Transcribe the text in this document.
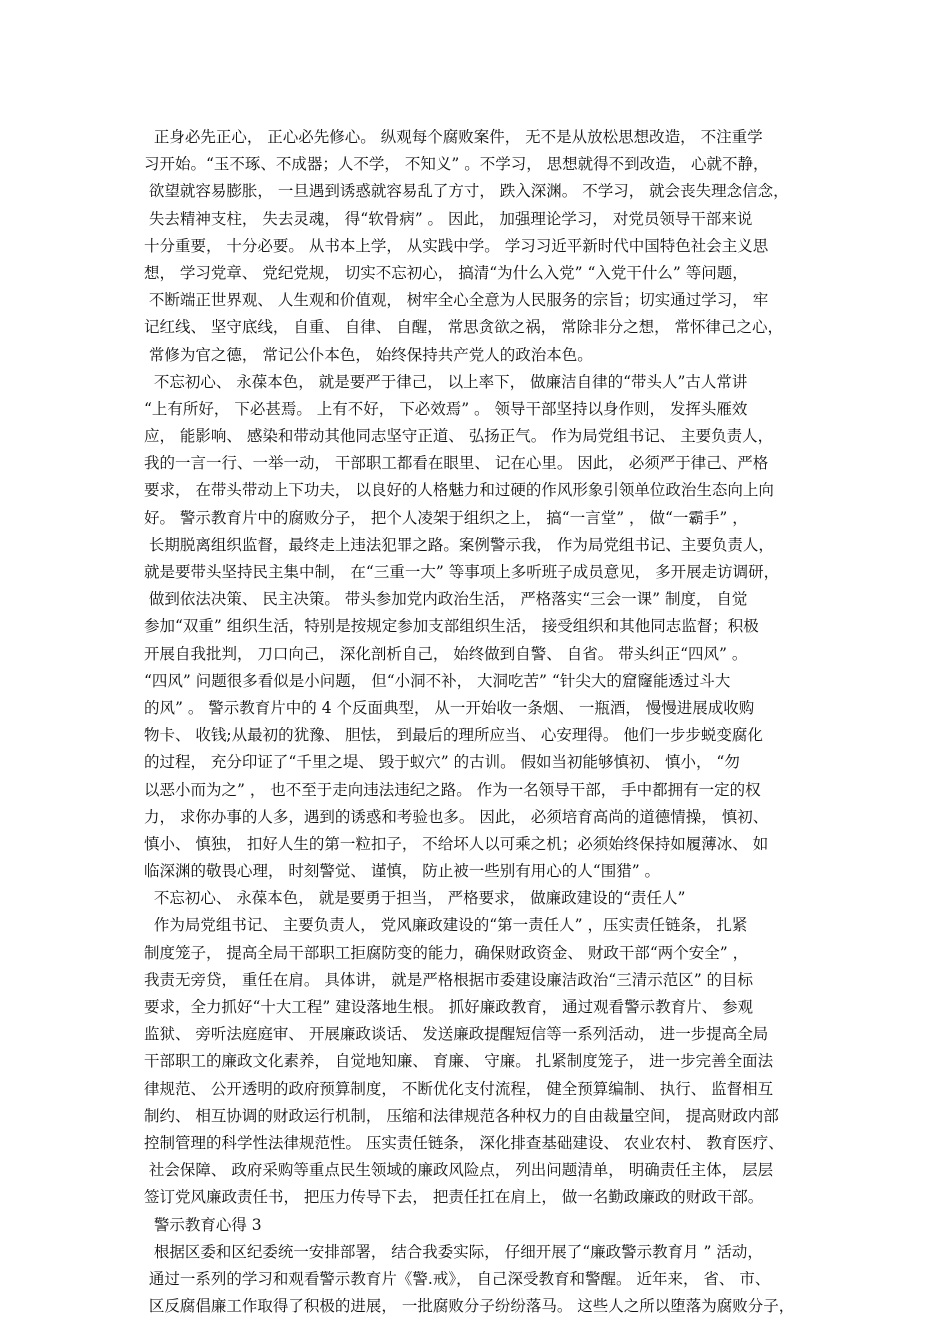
正身必先正心， 正心必先修心。 纵观每个腐败案件， 无不是从放松思想改造， 不注重学
习开始。“玉不琢、不成器；人不学， 不知义” 。不学习， 思想就得不到改造， 心就不静，
欲望就容易膨胀， 一旦遇到诱惑就容易乱了方寸， 跌入深渊。 不学习， 就会丧失理念信念，
失去精神支柱， 失去灵魂， 得“软骨病” 。 因此， 加强理论学习， 对党员领导干部来说
十分重要， 十分必要。 从书本上学， 从实践中学。 学习习近平新时代中国特色社会主义思
想， 学习党章、 党纪党规， 切实不忘初心， 搞清“为什么入党” “入党干什么” 等问题，
不断端正世界观、 人生观和价值观， 树牢全心全意为人民服务的宗旨；切实通过学习， 牢
记红线、 坚守底线， 自重、 自律、 自醒， 常思贪欲之祸， 常除非分之想， 常怀律己之心，
常修为官之德， 常记公仆本色， 始终保持共产党人的政治本色。
不忘初心、 永葆本色， 就是要严于律己， 以上率下， 做廉洁自律的“带头人”古人常讲
“上有所好， 下必甚焉。 上有不好， 下必效焉” 。 领导干部坚持以身作则， 发挥头雁效
应， 能影响、 感染和带动其他同志坚守正道、 弘扬正气。 作为局党组书记、 主要负责人，
我的一言一行、一举一动， 干部职工都看在眼里、 记在心里。 因此， 必须严于律己、严格
要求， 在带头带动上下功夫， 以良好的人格魅力和过硬的作风形象引领单位政治生态向上向
好。 警示教育片中的腐败分子， 把个人凌架于组织之上， 搞“一言堂” ， 做“一霸手” ，
长期脱离组织监督，最终走上违法犯罪之路。案例警示我， 作为局党组书记、主要负责人，
就是要带头坚持民主集中制， 在“三重一大” 等事项上多听班子成员意见， 多开展走访调研，
做到依法决策、 民主决策。 带头参加党内政治生活， 严格落实“三会一课” 制度， 自觉
参加“双重” 组织生活，特别是按规定参加支部组织生活， 接受组织和其他同志监督；积极
开展自我批判， 刀口向己， 深化剖析自己， 始终做到自警、 自省。 带头纠正“四风” 。
“四风” 问题很多看似是小问题， 但“小洞不补， 大洞吃苦” “针尖大的窟窿能透过斗大
的风” 。 警示教育片中的 4 个反面典型， 从一开始收一条烟、 一瓶酒， 慢慢进展成收购
物卡、 收钱;从最初的犹豫、 胆怯， 到最后的理所应当、 心安理得。 他们一步步蜕变腐化
的过程， 充分印证了“千里之堤、 毁于蚁穴” 的古训。 假如当初能够慎初、 慎小， “勿
以恶小而为之” ， 也不至于走向违法违纪之路。 作为一名领导干部， 手中都拥有一定的权
力， 求你办事的人多，遇到的诱惑和考验也多。 因此， 必须培育高尚的道德情操， 慎初、
慎小、 慎独， 扣好人生的第一粒扣子， 不给坏人以可乘之机；必须始终保持如履薄冰、 如
临深渊的敬畏心理， 时刻警觉、 谨慎， 防止被一些别有用心的人“围猎” 。
不忘初心、 永葆本色， 就是要勇于担当， 严格要求， 做廉政建设的“责任人”
作为局党组书记、 主要负责人， 党风廉政建设的“第一责任人” ，压实责任链条， 扎紧
制度笼子， 提高全局干部职工拒腐防变的能力，确保财政资金、 财政干部“两个安全” ，
我责无旁贷， 重任在肩。 具体讲， 就是严格根据市委建设廉洁政治“三清示范区” 的目标
要求，全力抓好“十大工程” 建设落地生根。 抓好廉政教育， 通过观看警示教育片、 参观
监狱、 旁听法庭庭审、 开展廉政谈话、 发送廉政提醒短信等一系列活动， 进一步提高全局
干部职工的廉政文化素养， 自觉地知廉、 育廉、 守廉。 扎紧制度笼子， 进一步完善全面法
律规范、 公开透明的政府预算制度， 不断优化支付流程， 健全预算编制、 执行、 监督相互
制约、 相互协调的财政运行机制， 压缩和法律规范各种权力的自由裁量空间， 提高财政内部
控制管理的科学性法律规范性。 压实责任链条， 深化排查基础建设、 农业农村、 教育医疗、
社会保障、 政府采购等重点民生领域的廉政风险点， 列出问题清单， 明确责任主体， 层层
签订党风廉政责任书， 把压力传导下去， 把责任扛在肩上， 做一名勤政廉政的财政干部。
警示教育心得 3
根据区委和区纪委统一安排部署， 结合我委实际， 仔细开展了“廉政警示教育月 ” 活动，
通过一系列的学习和观看警示教育片《警.戒》， 自己深受教育和警醒。 近年来， 省、 市、
区反腐倡廉工作取得了积极的进展， 一批腐败分子纷纷落马。 这些人之所以堕落为腐败分子，
